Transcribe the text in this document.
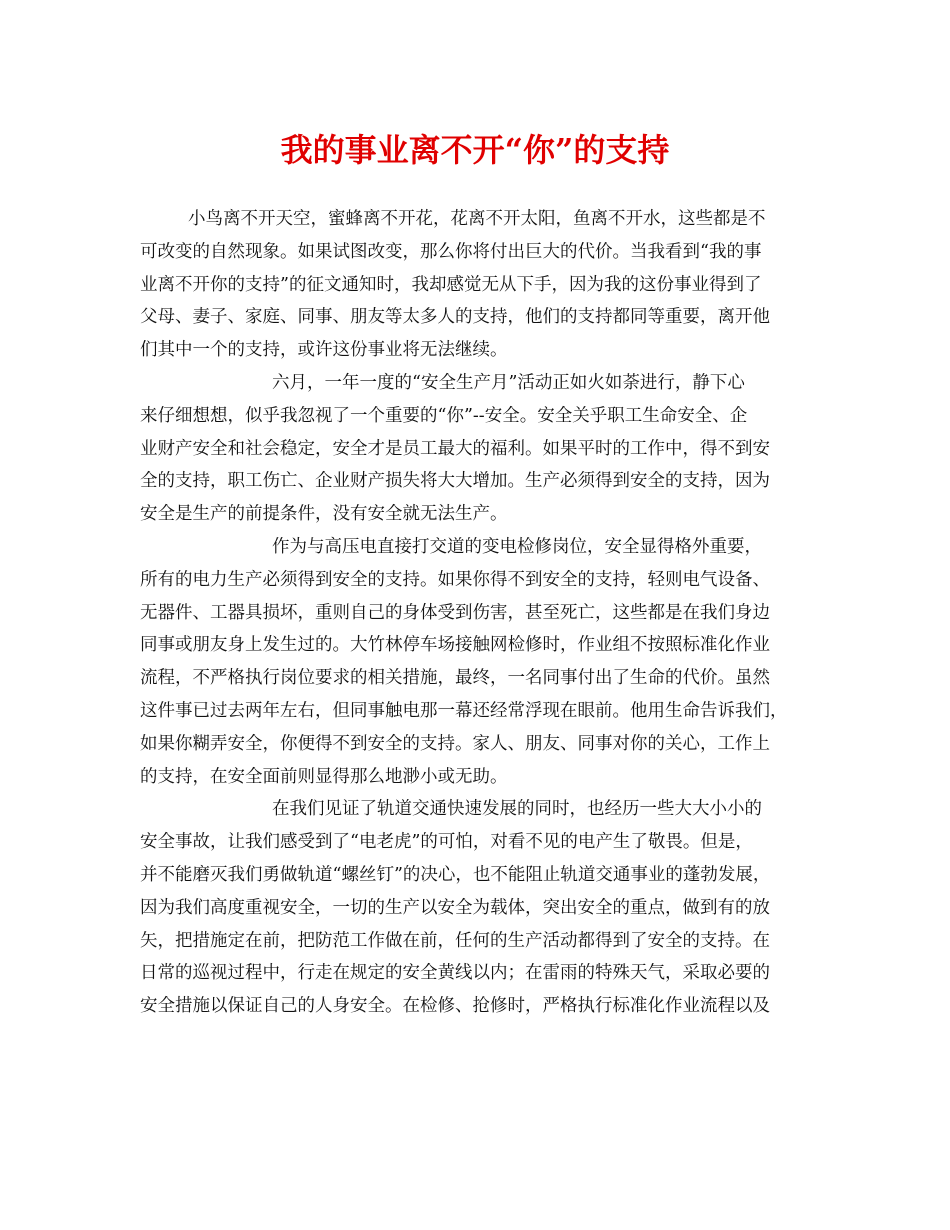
我的事业离不开“你”的支持
小鸟离不开天空，蜜蜂离不开花，花离不开太阳，鱼离不开水，这些都是不
可改变的自然现象。如果试图改变，那么你将付出巨大的代价。当我看到“我的事
业离不开你的支持”的征文通知时，我却感觉无从下手，因为我的这份事业得到了
父母、妻子、家庭、同事、朋友等太多人的支持，他们的支持都同等重要，离开他
们其中一个的支持，或许这份事业将无法继续。
六月，一年一度的“安全生产月”活动正如火如荼进行，静下心
来仔细想想，似乎我忽视了一个重要的“你”--安全。安全关乎职工生命安全、企
业财产安全和社会稳定，安全才是员工最大的福利。如果平时的工作中，得不到安
全的支持，职工伤亡、企业财产损失将大大增加。生产必须得到安全的支持，因为
安全是生产的前提条件，没有安全就无法生产。
作为与高压电直接打交道的变电检修岗位，安全显得格外重要，
所有的电力生产必须得到安全的支持。如果你得不到安全的支持，轻则电气设备、
无器件、工器具损坏，重则自己的身体受到伤害，甚至死亡，这些都是在我们身边
同事或朋友身上发生过的。大竹林停车场接触网检修时，作业组不按照标准化作业
流程，不严格执行岗位要求的相关措施，最终，一名同事付出了生命的代价。虽然
这件事已过去两年左右，但同事触电那一幕还经常浮现在眼前。他用生命告诉我们，
如果你糊弄安全，你便得不到安全的支持。家人、朋友、同事对你的关心，工作上
的支持，在安全面前则显得那么地渺小或无助。
在我们见证了轨道交通快速发展的同时，也经历一些大大小小的
安全事故，让我们感受到了“电老虎”的可怕，对看不见的电产生了敬畏。但是，
并不能磨灭我们勇做轨道“螺丝钉”的决心，也不能阻止轨道交通事业的蓬勃发展，
因为我们高度重视安全，一切的生产以安全为载体，突出安全的重点，做到有的放
矢，把措施定在前，把防范工作做在前，任何的生产活动都得到了安全的支持。在
日常的巡视过程中，行走在规定的安全黄线以内；在雷雨的特殊天气，采取必要的
安全措施以保证自己的人身安全。在检修、抢修时，严格执行标准化作业流程以及
